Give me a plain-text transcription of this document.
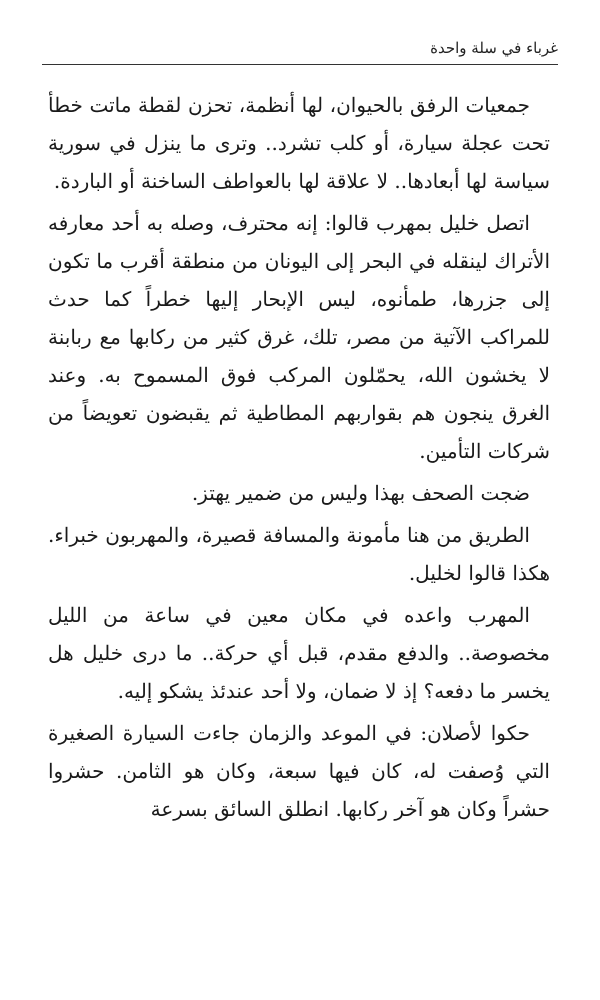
غرباء في سلة واحدة

جمعيات الرفق بالحيوان، لها أنظمة، تحزن لقطة ماتت خطأ تحت عجلة سيارة، أو كلب تشرد.. وترى ما ينزل في سورية سياسة لها أبعادها.. لا علاقة لها بالعواطف الساخنة أو الباردة.

اتصل خليل بمهرب قالوا: إنه محترف، وصله به أحد معارفه الأتراك لينقله في البحر إلى اليونان من منطقة أقرب ما تكون إلى جزرها، طمأنوه، ليس الإبحار إليها خطراً كما حدث للمراكب الآتية من مصر، تلك، غرق كثير من ركابها مع ربابنة لا يخشون الله، يحمّلون المركب فوق المسموح به. وعند الغرق ينجون هم بقواربهم المطاطية ثم يقبضون تعويضاً من شركات التأمين.

ضجت الصحف بهذا وليس من ضمير يهتز.

الطريق من هنا مأمونة والمسافة قصيرة، والمهربون خبراء. هكذا قالوا لخليل.

المهرب واعده في مكان معين في ساعة من الليل مخصوصة.. والدفع مقدم، قبل أي حركة.. ما درى خليل هل يخسر ما دفعه؟ إذ لا ضمان، ولا أحد عندئذ يشكو إليه.

حكوا لأصلان: في الموعد والزمان جاءت السيارة الصغيرة التي وُصفت له، كان فيها سبعة، وكان هو الثامن. حشروا حشراً وكان هو آخر ركابها. انطلق السائق بسرعة
